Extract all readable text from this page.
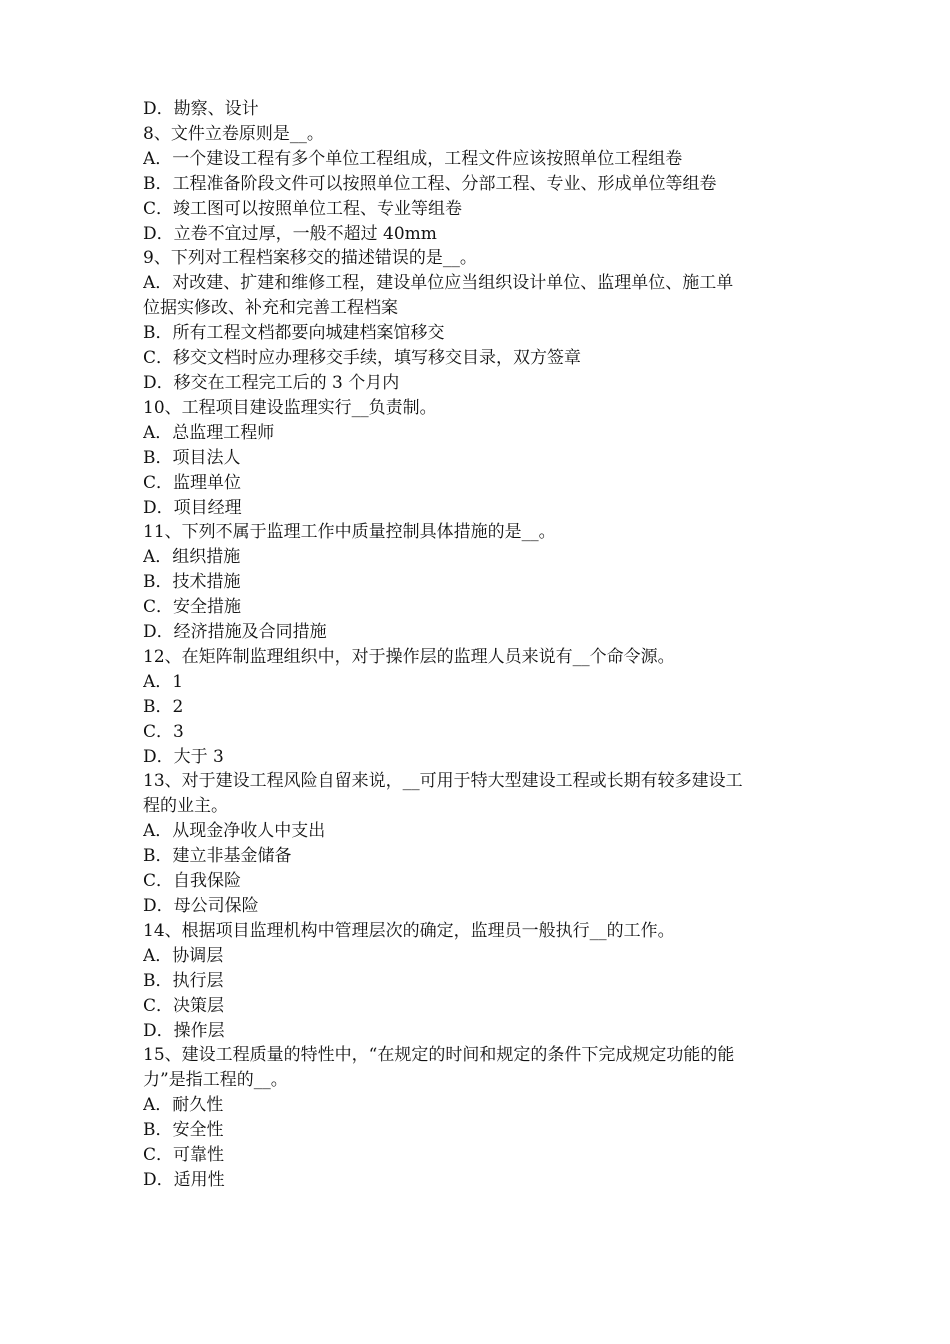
D．勘察、设计
8、文件立卷原则是__。
A．一个建设工程有多个单位工程组成，工程文件应该按照单位工程组卷
B．工程准备阶段文件可以按照单位工程、分部工程、专业、形成单位等组卷
C．竣工图可以按照单位工程、专业等组卷
D．立卷不宜过厚，一般不超过 40mm
9、下列对工程档案移交的描述错误的是__。
A．对改建、扩建和维修工程，建设单位应当组织设计单位、监理单位、施工单
位据实修改、补充和完善工程档案
B．所有工程文档都要向城建档案馆移交
C．移交文档时应办理移交手续，填写移交目录，双方签章
D．移交在工程完工后的 3 个月内
10、工程项目建设监理实行__负责制。
A．总监理工程师
B．项目法人
C．监理单位
D．项目经理
11、下列不属于监理工作中质量控制具体措施的是__。
A．组织措施
B．技术措施
C．安全措施
D．经济措施及合同措施
12、在矩阵制监理组织中，对于操作层的监理人员来说有__个命令源。
A．1
B．2
C．3
D．大于 3
13、对于建设工程风险自留来说，__可用于特大型建设工程或长期有较多建设工
程的业主。
A．从现金净收人中支出
B．建立非基金储备
C．自我保险
D．母公司保险
14、根据项目监理机构中管理层次的确定，监理员一般执行__的工作。
A．协调层
B．执行层
C．决策层
D．操作层
15、建设工程质量的特性中，“在规定的时间和规定的条件下完成规定功能的能
力”是指工程的__。
A．耐久性
B．安全性
C．可靠性
D．适用性
